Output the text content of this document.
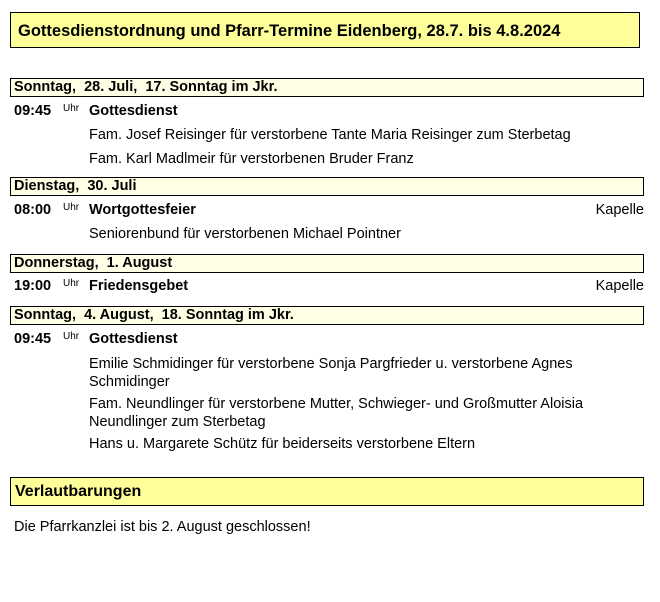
Gottesdienstordnung und Pfarr-Termine Eidenberg, 28.7. bis 4.8.2024
Sonntag,  28. Juli,  17. Sonntag im Jkr.
09:45 Uhr Gottesdienst
Fam. Josef Reisinger für verstorbene Tante Maria Reisinger zum Sterbetag
Fam. Karl Madlmeir für verstorbenen Bruder Franz
Dienstag,  30. Juli
08:00 Uhr Wortgottesfeier	Kapelle
Seniorenbund für verstorbenen Michael Pointner
Donnerstag,  1. August
19:00 Uhr Friedensgebet	Kapelle
Sonntag,  4. August,  18. Sonntag im Jkr.
09:45 Uhr Gottesdienst
Emilie Schmidinger für verstorbene Sonja Pargfrieder u. verstorbene Agnes Schmidinger
Fam. Neundlinger für verstorbene Mutter, Schwieger- und Großmutter Aloisia Neundlinger zum Sterbetag
Hans u. Margarete Schütz für beiderseits verstorbene Eltern
Verlautbarungen
Die Pfarrkanzlei ist bis 2. August geschlossen!
